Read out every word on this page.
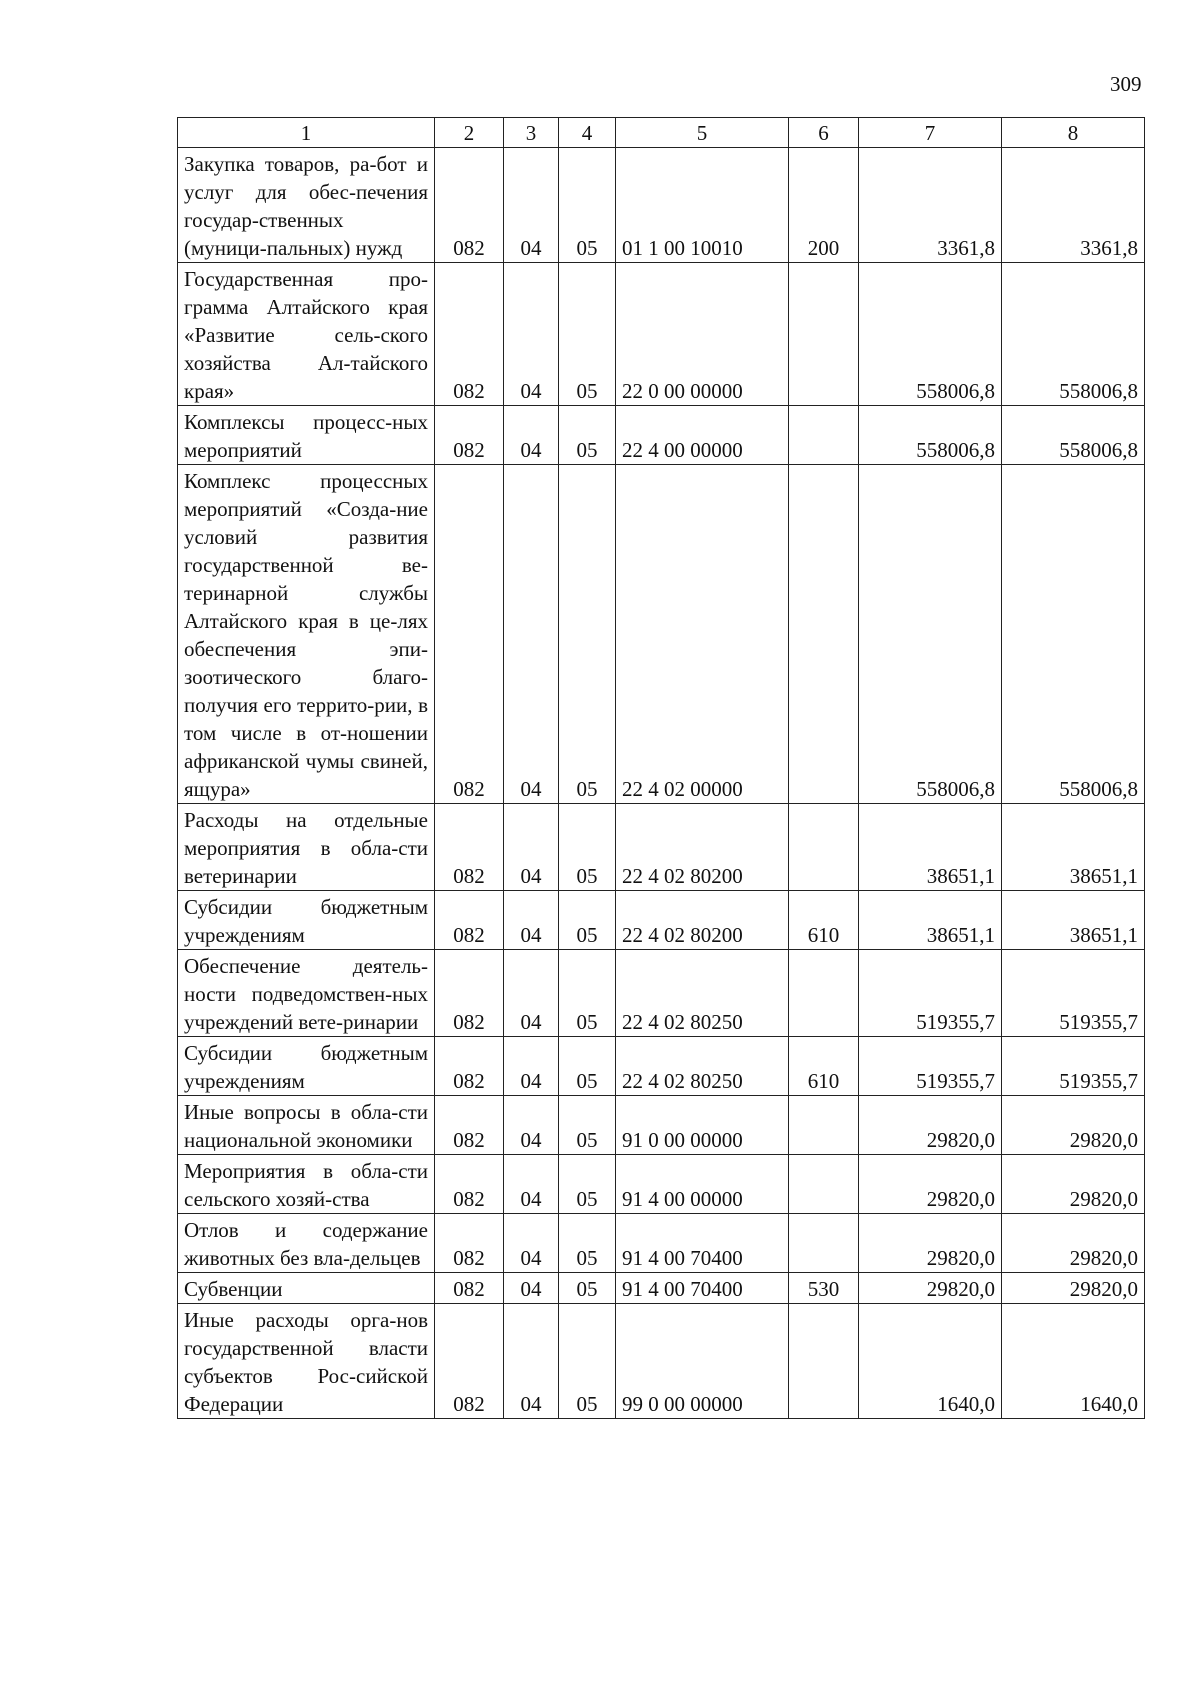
309
1	2	3	4	5	6	7	8
Закупка товаров, ра-бот и услуг для обес-печения государ-ственных (муници-пальных) нужд	082	04	05	01 1 00 10010	200	3361,8	3361,8
Государственная про-грамма Алтайского края «Развитие сель-ского хозяйства Ал-тайского края»	082	04	05	22 0 00 00000		558006,8	558006,8
Комплексы процесс-ных мероприятий	082	04	05	22 4 00 00000		558006,8	558006,8
Комплекс процессных мероприятий «Созда-ние условий развития государственной ве-теринарной службы Алтайского края в це-лях обеспечения эпи-зоотического благо-получия его террито-рии, в том числе в от-ношении африканской чумы свиней, ящура»	082	04	05	22 4 02 00000		558006,8	558006,8
Расходы на отдельные мероприятия в обла-сти ветеринарии	082	04	05	22 4 02 80200		38651,1	38651,1
Субсидии бюджетным учреждениям	082	04	05	22 4 02 80200	610	38651,1	38651,1
Обеспечение деятель-ности подведомствен-ных учреждений вете-ринарии	082	04	05	22 4 02 80250		519355,7	519355,7
Субсидии бюджетным учреждениям	082	04	05	22 4 02 80250	610	519355,7	519355,7
Иные вопросы в обла-сти национальной экономики	082	04	05	91 0 00 00000		29820,0	29820,0
Мероприятия в обла-сти сельского хозяй-ства	082	04	05	91 4 00 00000		29820,0	29820,0
Отлов и содержание животных без вла-дельцев	082	04	05	91 4 00 70400		29820,0	29820,0
Субвенции	082	04	05	91 4 00 70400	530	29820,0	29820,0
Иные расходы орга-нов государственной власти субъектов Рос-сийской Федерации	082	04	05	99 0 00 00000		1640,0	1640,0
